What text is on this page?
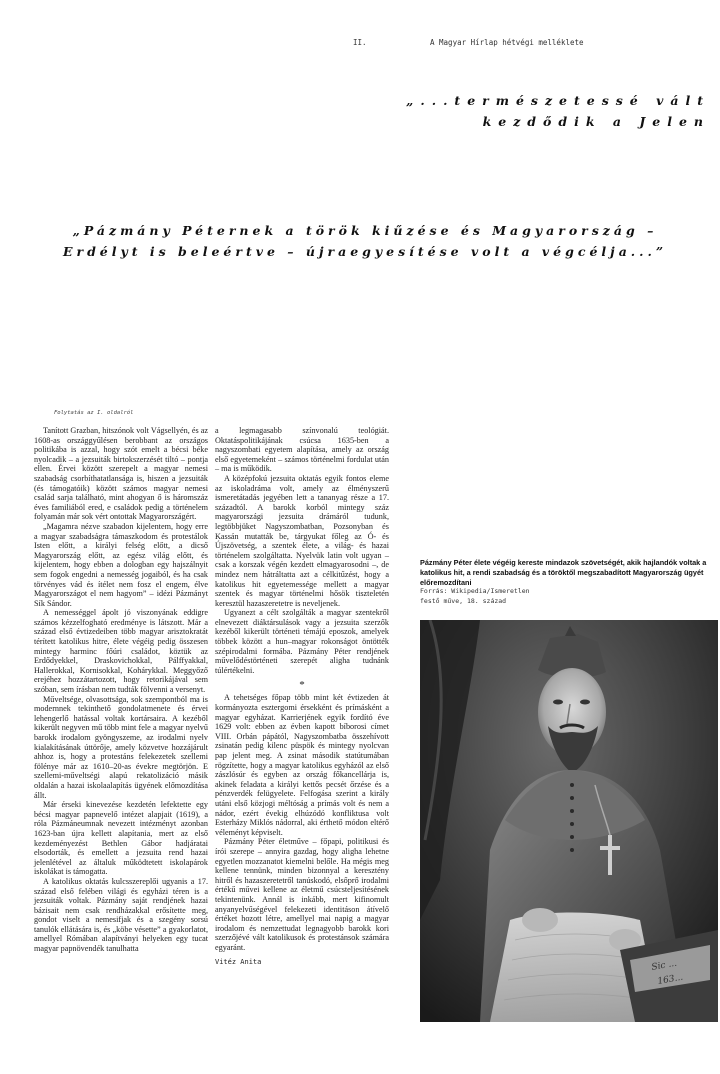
II.	A Magyar Hírlap hétvégi melléklete
„...természetessé vált
kezdődik a Jelen
„Pázmány Péternek a török kiűzése és Magyarország – Erdélyt is beleértve – újraegyesítése volt a végcélja...”
Folytatás az I. oldalról

Tanított Grazban, hitszónok volt Vágsellyén, és az 1608-as országgyűlésen berobbant az országos politikába is azzal, hogy szót emelt a bécsi béke nyolcadik – a jezsuiták birtokszerzését tiltó – pontja ellen. Érvei között szerepelt a magyar nemesi szabadság csorbíthatatlansága is, hiszen a jezsuiták (és támogatóik) között számos magyar nemesi család sarja található, mint ahogyan ő is háromszáz éves familiából ered, e családok pedig a történelem folyamán már sok vért ontottak Magyarországért.

„Magamra nézve szabadon kijelentem, hogy erre a magyar szabadságra támaszkodom és protestálok Isten előtt, a királyi felség előtt, a dicső Magyarország előtt, az egész világ előtt, és kijelentem, hogy ebben a dologban egy hajszálnyit sem fogok engedni a nemesség jogaiból, és ha csak törvényes vád és ítélet nem fosz el engem, élve Magyarországot el nem hagyom” – idézi Pázmányt Sík Sándor.

A nemességgel ápolt jó viszonyának eddigre számos kézzelfogható eredménye is látszott. Már a század első évtizedeiben több magyar arisztokratát térített katolikus hitre, élete végéig pedig összesen mintegy harminc főúri családot, köztük az Erdődyekkel, Draskovichokkal, Pálffyakkal, Hallerokkal, Kornisokkal, Kohárykkal. Meggyőző erejéhez hozzátartozott, hogy retorikájával sem szóban, sem írásban nem tudták fölvenni a versenyt.

Műveltsége, olvasottsága, sok szempontból ma is modernnek tekinthető gondolatmenete és érvei lehengerlő hatással voltak kortársaira. A kezéből kikerült negyven mű több mint fele a magyar nyelvű barokk irodalom gyöngyszeme, az irodalmi nyelv kialakításának úttörője, amely közvetve hozzájárult ahhoz is, hogy a protestáns felekezetek szellemi fölénye már az 1610–20-as évekre megtörjön. E szellemi-műveltségi alapú rekatolizáció másik oldalán a hazai iskolaalapítás ügyének előmozdítása állt.

Már érseki kinevezése kezdetén lefektette egy bécsi magyar papnevelő intézet alapjait (1619), a róla Pázmáneumnak nevezett intézményt azonban 1623-ban újra kellett alapítania, mert az első kezdeményezést Bethlen Gábor hadjáratai elsodorták, és emellett a jezsuita rend hazai jelenlétével az általuk működtetett iskolapárok iskolákat is támogatta.

A katolikus oktatás kulcsszereplői ugyanis a 17. század első felében világi és egyházi téren is a jezsuiták voltak. Pázmány saját rendjének hazai bázisait nem csak rendházakkal erősítette meg, gondot viselt a nemesifjak és a szegény sorsú tanulók ellátására is, és „köbe vésette” a gyakorlatot, amellyel Rómában alapítványi helyeken egy tucat magyar papnövendék tanulhatta

a legmagasabb színvonalú teológiát. Oktatáspolitikájának csúcsa 1635-ben a nagyszombati egyetem alapítása, amely az ország első egyetemeként – számos történelmi fordulat után – ma is működik.

A középfokú jezsuita oktatás egyik fontos eleme az iskoladráma volt, amely az élményszerű ismeretátadás jegyében lett a tananyag része a 17. századtól. A barokk korból mintegy száz magyarországi jezsuita drámáról tudunk, legtöbbjüket Nagyszombatban, Pozsonyban és Kassán mutatták be, tárgyukat főleg az Ó- és Újszövetség, a szentek élete, a világ- és hazai történelem szolgáltatta. Nyelvük latin volt ugyan – csak a korszak végén kezdett elmagyarosodni –, de mindez nem hátráltatta azt a célkitűzést, hogy a katolikus hit egyetemessége mellett a magyar szentek és magyar történelmi hősök tiszteletén keresztül hazaszeretetre is neveljenek.

Ugyanezt a célt szolgálták a magyar szentekről elnevezett diáktársulások vagy a jezsuita szerzők kezéből kikerült történeti témájú eposzok, amelyek többek között a hun–magyar rokonságot öntötték szépirodalmi formába. Pázmány Péter rendjének művelődéstörténeti szerepét aligha tudnánk túlértékelni.

*

A tehetséges főpap több mint két évtizeden át kormányozta esztergomi érsekként és prímásként a magyar egyházat. Karrierjének egyik fordító éve 1629 volt: ebben az évben kapott bíborosi címet VIII. Orbán pápától, Nagyszombatba összehívott zsinatán pedig kilenc püspök és mintegy nyolcvan pap jelent meg. A zsinat második statútumában rögzítette, hogy a magyar katolikus egyházól az első zászlósúr és egyben az ország főkancellárja is, akinek feladata a királyi kettős pecsét őrzése és a pénzverdék felügyelete. Felfogása szerint a király utáni első közjogi méltóság a prímás volt és nem a nádor, ezért évekig elhúzódó konfliktusa volt Esterházy Miklós nádorral, aki érthető módon eltérő véleményt képviselt.

Pázmány Péter életműve – főpapi, politikusi és írói szerepe – annyira gazdag, hogy aligha lehetne egyetlen mozzanatot kiemelni belőle. Ha mégis meg kellene tennünk, minden bizonnyal a keresztény hitről és hazaszeretetről tanúskodó, elsőprő irodalmi értékű művei kellene az életmű csúcsteljesítésének tekintenünk. Annál is inkább, mert kifinomult anyanyelvűségével felekezeti identitáson átívelő értéket hozott létre, amellyel mai napig a magyar irodalom és nemzettudat legnagyobb barokk kori szerzőjévé vált katolikusok és protestánsok számára egyaránt.

Vitéz Anita
Pázmány Péter élete végéig kereste mindazok szövetségét, akik hajlandók voltak a katolikus hit, a rendi szabadság és a töröktől megszabadított Magyarország ügyét előremozdítani
Forrás: Wikipedia/Ismeretlen
festő műve, 18. század
Sic ...
163...
